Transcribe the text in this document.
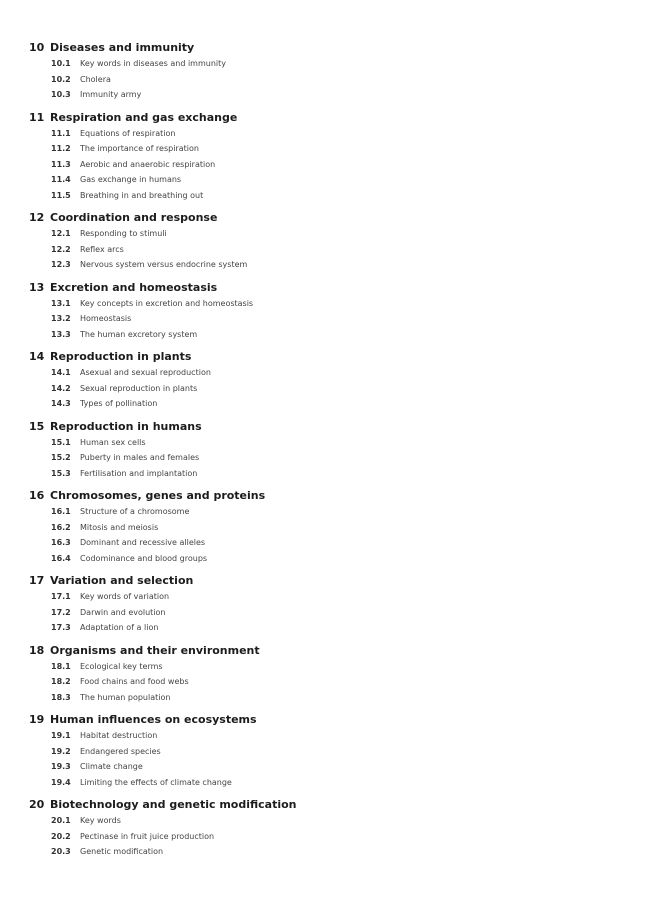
10 Diseases and immunity
10.1	Key words in diseases and immunity
10.2	Cholera
10.3	Immunity army
11 Respiration and gas exchange
11.1	Equations of respiration
11.2	The importance of respiration
11.3	Aerobic and anaerobic respiration
11.4	Gas exchange in humans
11.5	Breathing in and breathing out
12 Coordination and response
12.1	Responding to stimuli
12.2	Reflex arcs
12.3	Nervous system versus endocrine system
13 Excretion and homeostasis
13.1	Key concepts in excretion and homeostasis
13.2	Homeostasis
13.3	The human excretory system
14 Reproduction in plants
14.1	Asexual and sexual reproduction
14.2	Sexual reproduction in plants
14.3	Types of pollination
15 Reproduction in humans
15.1	Human sex cells
15.2	Puberty in males and females
15.3	Fertilisation and implantation
16 Chromosomes, genes and proteins
16.1	Structure of a chromosome
16.2	Mitosis and meiosis
16.3	Dominant and recessive alleles
16.4	Codominance and blood groups
17 Variation and selection
17.1	Key words of variation
17.2	Darwin and evolution
17.3	Adaptation of a lion
18 Organisms and their environment
18.1	Ecological key terms
18.2	Food chains and food webs
18.3	The human population
19 Human influences on ecosystems
19.1	Habitat destruction
19.2	Endangered species
19.3	Climate change
19.4	Limiting the effects of climate change
20 Biotechnology and genetic modification
20.1	Key words
20.2	Pectinase in fruit juice production
20.3	Genetic modification
